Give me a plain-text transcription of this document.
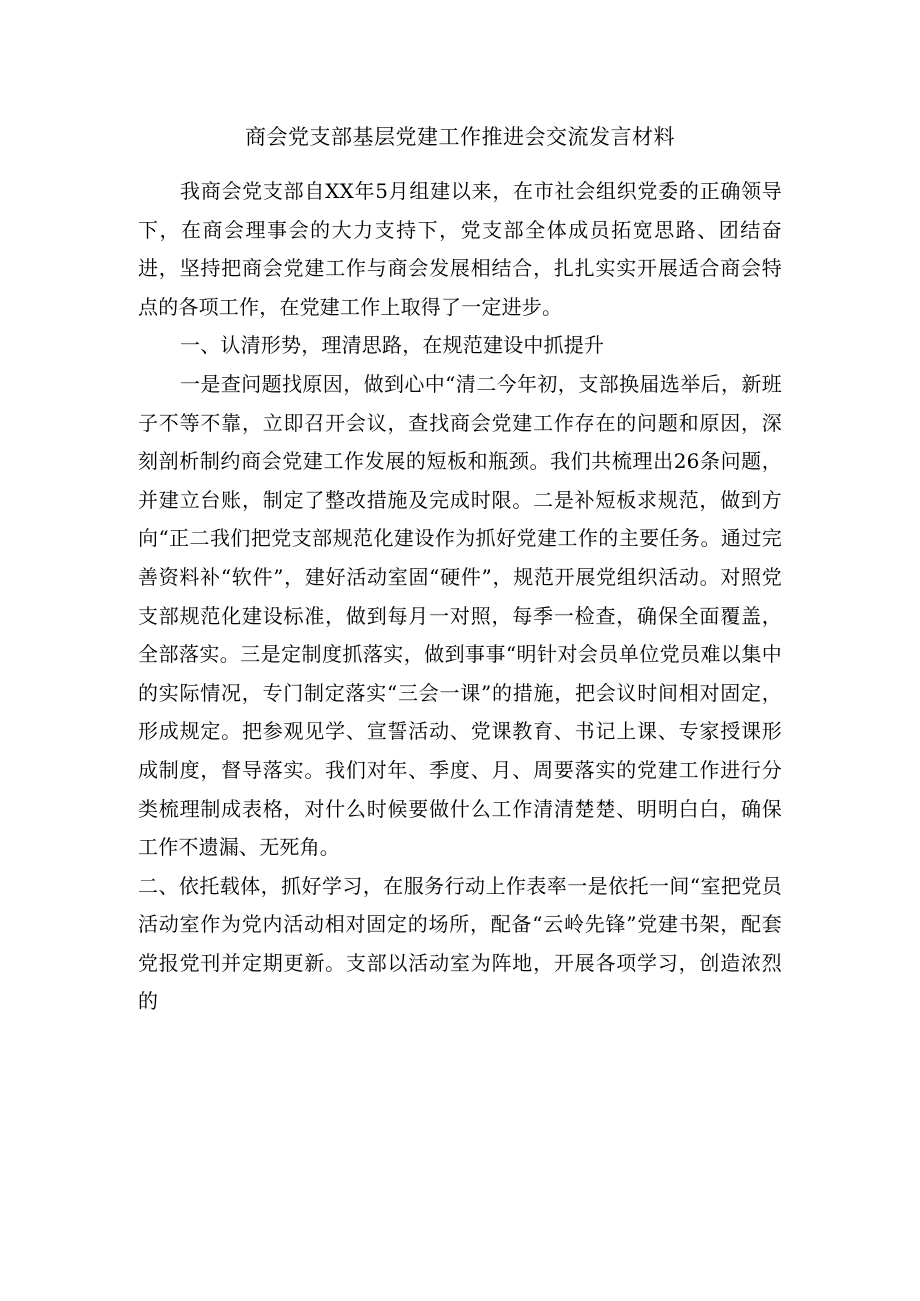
商会党支部基层党建工作推进会交流发言材料

我商会党支部自XX年5月组建以来，在市社会组织党委的正确领导下，在商会理事会的大力支持下，党支部全体成员拓宽思路、团结奋进，坚持把商会党建工作与商会发展相结合，扎扎实实开展适合商会特点的各项工作，在党建工作上取得了一定进步。

一、认清形势，理清思路，在规范建设中抓提升

一是查问题找原因，做到心中“清二今年初，支部换届选举后，新班子不等不靠，立即召开会议，查找商会党建工作存在的问题和原因，深刻剖析制约商会党建工作发展的短板和瓶颈。我们共梳理出26条问题，并建立台账，制定了整改措施及完成时限。二是补短板求规范，做到方向“正二我们把党支部规范化建设作为抓好党建工作的主要任务。通过完善资料补“软件”，建好活动室固“硬件”，规范开展党组织活动。对照党支部规范化建设标准，做到每月一对照，每季一检查，确保全面覆盖，全部落实。三是定制度抓落实，做到事事“明针对会员单位党员难以集中的实际情况，专门制定落实“三会一课”的措施，把会议时间相对固定，形成规定。把参观见学、宣誓活动、党课教育、书记上课、专家授课形成制度，督导落实。我们对年、季度、月、周要落实的党建工作进行分类梳理制成表格，对什么时候要做什么工作清清楚楚、明明白白，确保工作不遗漏、无死角。

二、依托载体，抓好学习，在服务行动上作表率一是依托一间“室把党员活动室作为党内活动相对固定的场所，配备“云岭先锋”党建书架，配套党报党刊并定期更新。支部以活动室为阵地，开展各项学习，创造浓烈的
